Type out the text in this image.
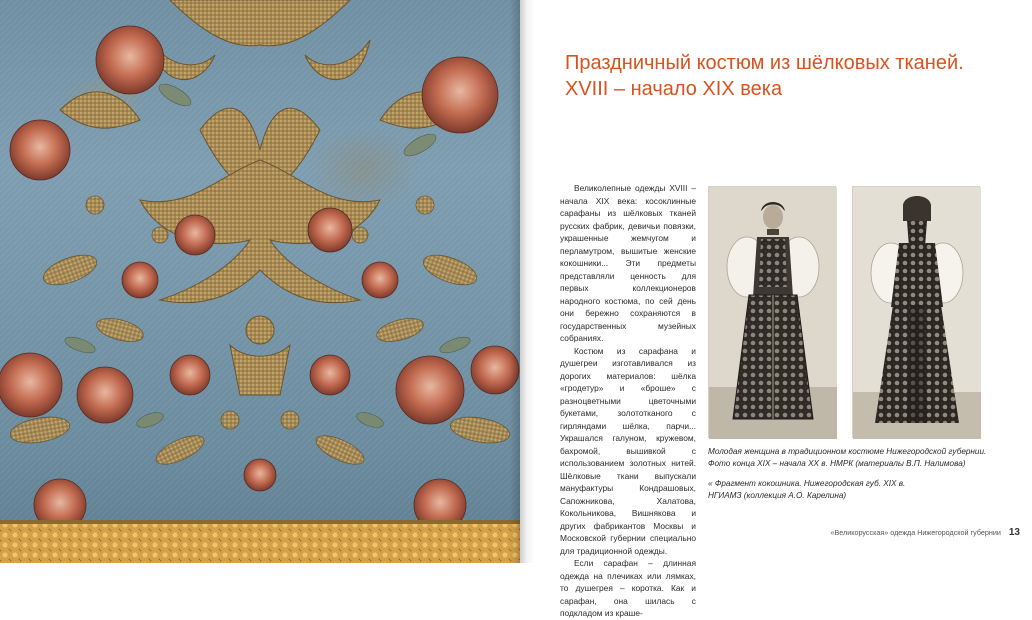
Праздничный костюм из шёлковых тканей.
XVIII – начало XIX века

Великолепные одежды XVIII – начала XIX века: косоклинные сарафаны из шёлковых тканей русских фабрик, девичьи повязки, украшенные жемчугом и перламутром, вышитые женские кокошники... Эти предметы представляли ценность для первых коллекционеров народного костюма, по сей день они бережно сохраняются в государственных музейных собраниях.

Костюм из сарафана и душегреи изготавливался из дорогих материалов: шёлка «гродетур» и «броше» с разноцветными цветочными букетами, золототканого с гирляндами шёлка, парчи... Украшался галуном, кружевом, бахромой, вышивкой с использованием золотных нитей. Шёлковые ткани выпускали мануфактуры Кондрашовых, Сапожникова, Халатова, Кокольникова, Вишнякова и других фабрикантов Москвы и Московской губернии специально для традиционной одежды.

Если сарафан – длинная одежда на плечиках или лямках, то душегрея – коротка. Как и сарафан, она шилась с подкладом из краше-

Молодая женщина в традиционном костюме Нижегородской губернии.
Фото конца XIX – начала XX в. НМРК (материалы В.П. Налимова)
« Фрагмент кокошника. Нижегородская губ. XIX в.
НГИАМЗ (коллекция А.О. Карелина)
«Великорусская» одежда Нижегородской губернии 13
